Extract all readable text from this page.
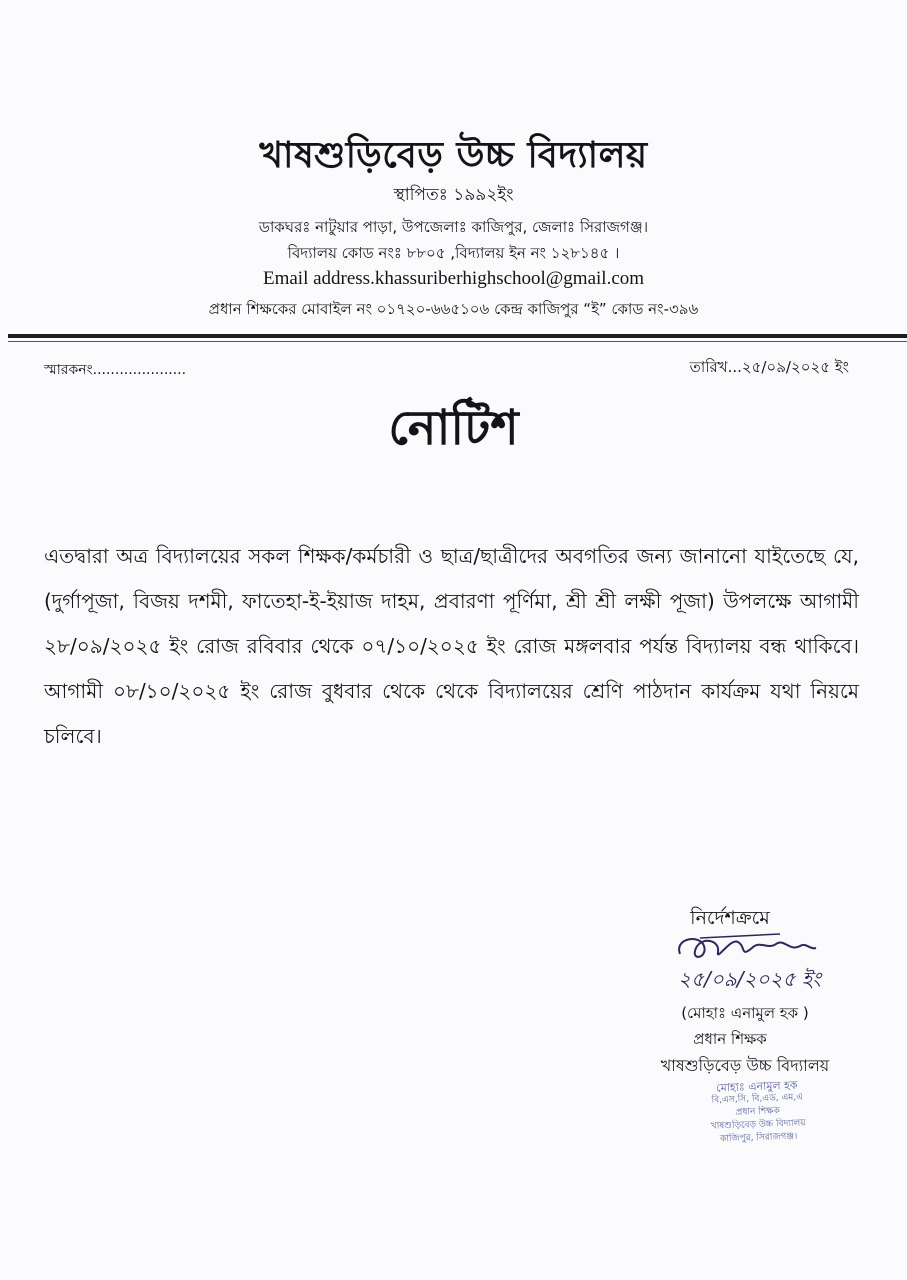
খাষশুড়িবেড় উচ্চ বিদ্যালয়
স্থাপিতঃ ১৯৯২ইং
ডাকঘরঃ নাটুয়ার পাড়া, উপজেলাঃ কাজিপুর, জেলাঃ সিরাজগঞ্জ।
বিদ্যালয় কোড নংঃ ৮৮০৫ ,বিদ্যালয় ইন নং ১২৮১৪৫ ।
Email address.khassuriberhighschool@gmail.com
প্রধান শিক্ষকের মোবাইল নং ০১৭২০-৬৬৫১০৬ কেন্দ্র কাজিপুর “ই” কোড নং-৩৯৬
স্মারকনং.....................	তারিখ...২৫/০৯/২০২৫ ইং
নোটিশ
এতদ্বারা অত্র বিদ্যালয়ের সকল শিক্ষক/কর্মচারী ও ছাত্র/ছাত্রীদের অবগতির জন্য জানানো যাইতেছে যে, (দুর্গাপূজা, বিজয় দশমী, ফাতেহা-ই-ইয়াজ দাহম, প্রবারণা পূর্ণিমা, শ্রী শ্রী লক্ষী পূজা) উপলক্ষে আগামী ২৮/০৯/২০২৫ ইং রোজ রবিবার থেকে ০৭/১০/২০২৫ ইং রোজ মঙ্গলবার পর্যন্ত বিদ্যালয় বন্ধ থাকিবে। আগামী ০৮/১০/২০২৫ ইং রোজ বুধবার থেকে থেকে বিদ্যালয়ের শ্রেণি পাঠদান কার্যক্রম যথা নিয়মে চলিবে।
নির্দেশক্রমে
২৫/০৯/২০২৫ ইং
(মোহাঃ এনামুল হক )
প্রধান শিক্ষক
খাষশুড়িবেড় উচ্চ বিদ্যালয়
মোহাঃ এনামুল হক
বি,এস,সি, বি,এড, এম,এ
প্রধান শিক্ষক
খাষশুড়িবেড় উচ্চ বিদ্যালয়
কাজিপুর, সিরাজগঞ্জ।
